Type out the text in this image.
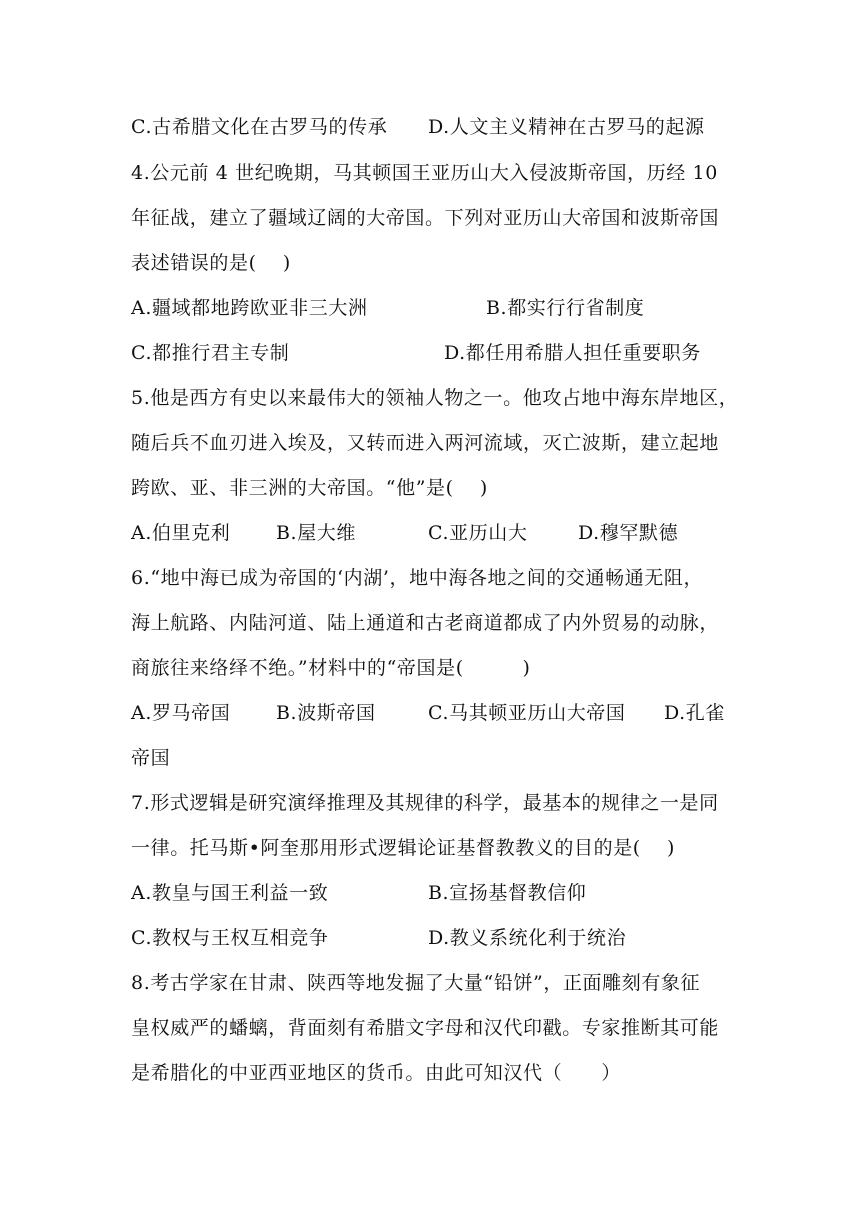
C.古希腊文化在古罗马的传承 D.人文主义精神在古罗马的起源
4.公元前 4 世纪晚期，马其顿国王亚历山大入侵波斯帝国，历经 10
年征战，建立了疆域辽阔的大帝国。下列对亚历山大帝国和波斯帝国
表述错误的是(　 )
A.疆域都地跨欧亚非三大洲	B.都实行行省制度
C.都推行君主专制	D.都任用希腊人担任重要职务
5.他是西方有史以来最伟大的领袖人物之一。他攻占地中海东岸地区，
随后兵不血刃进入埃及，又转而进入两河流域，灭亡波斯，建立起地
跨欧、亚、非三洲的大帝国。“他”是(　 )
A.伯里克利 B.屋大维	C.亚历山大	D.穆罕默德
6.“地中海已成为帝国的‘内湖’，地中海各地之间的交通畅通无阻，
海上航路、内陆河道、陆上通道和古老商道都成了内外贸易的动脉，
商旅往来络绎不绝。”材料中的“帝国是(　　　)
A.罗马帝国 B.波斯帝国	C.马其顿亚历山大帝国 D.孔雀
帝国
7.形式逻辑是研究演绎推理及其规律的科学，最基本的规律之一是同
一律。托马斯•阿奎那用形式逻辑论证基督教教义的目的是(　 )
A.教皇与国王利益一致	B.宣扬基督教信仰
C.教权与王权互相竞争	D.教义系统化利于统治
8.考古学家在甘肃、陕西等地发掘了大量“铅饼”，正面雕刻有象征
皇权威严的蟠螭，背面刻有希腊文字母和汉代印戳。专家推断其可能
是希腊化的中亚西亚地区的货币。由此可知汉代（　　）
